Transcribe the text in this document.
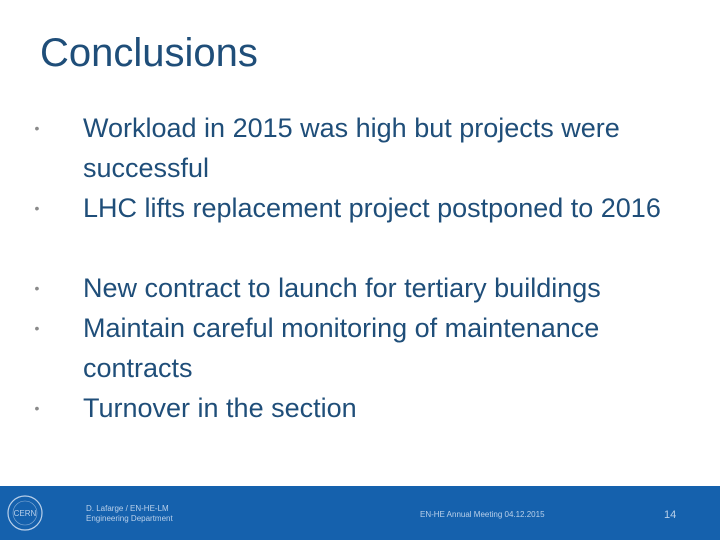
Conclusions
• Workload in 2015 was high but projects were successful
• LHC lifts replacement project postponed to 2016
• New contract to launch for tertiary buildings
• Maintain careful monitoring of maintenance contracts
• Turnover in the section
CERN
D. Lafarge / EN-HE-LM
Engineering Department	EN-HE Annual Meeting 04.12.2015	14
